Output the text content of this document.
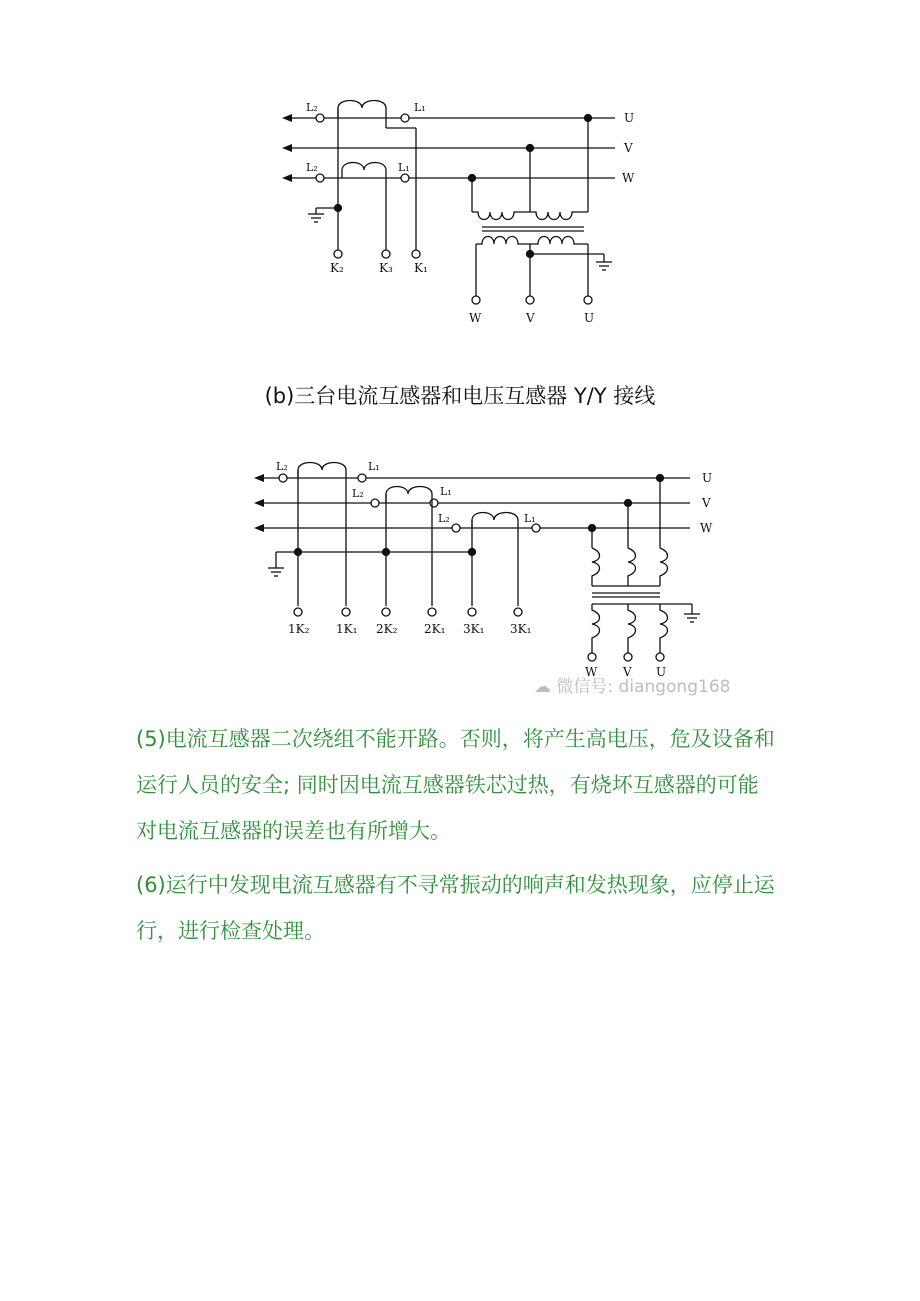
L₂	L₁
L₂	L₁
U
V
W
K₂	K₃ K₁
W	V	U
(b)三台电流互感器和电压互感器 Y/Y 接线
L₂	L₁
L₂	L₁
L₂	L₁
U
V
W
1K₂ 1K₁ 2K₂ 2K₁ 3K₁ 3K₁
W V U
☁ 微信号: diangong168
(5)电流互感器二次绕组不能开路。否则，将产生高电压，危及设备和
运行人员的安全; 同时因电流互感器铁芯过热，有烧坏互感器的可能
对电流互感器的误差也有所增大。
(6)运行中发现电流互感器有不寻常振动的响声和发热现象，应停止运
行，进行检查处理。
